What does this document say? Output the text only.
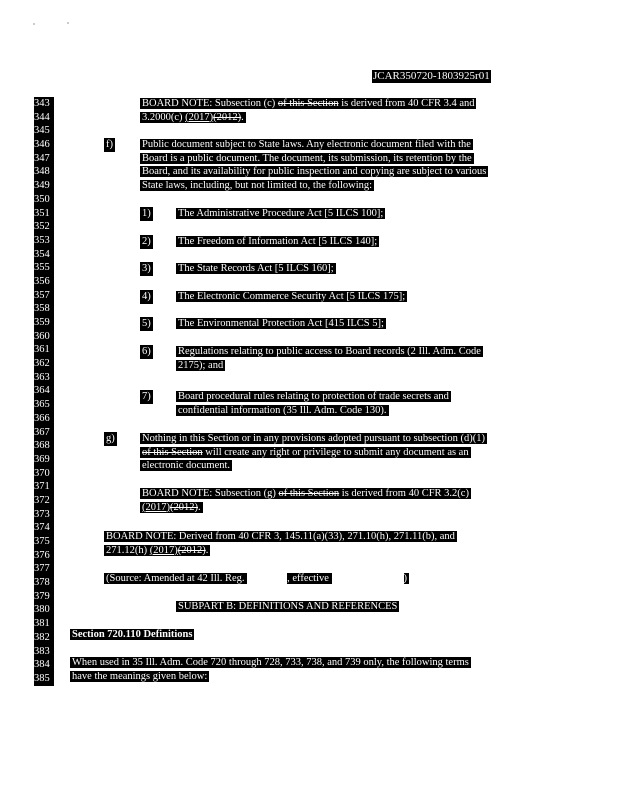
JCAR350720-1803925r01
343
344
345
346
347
348
349
350
351
352
353
354
355
356
357
358
359
360
361
362
363
364
365
366
367
368
369
370
371
372
373
374
375
376
377
378
379
380
381
382
383
384
385
BOARD NOTE: Subsection (c) of this Section is derived from 40 CFR 3.4 and
3.2000(c) (2017)(2012).
f)	Public document subject to State laws. Any electronic document filed with the
Board is a public document. The document, its submission, its retention by the
Board, and its availability for public inspection and copying are subject to various
State laws, including, but not limited to, the following:
1)	The Administrative Procedure Act [5 ILCS 100];
2)	The Freedom of Information Act [5 ILCS 140];
3)	The State Records Act [5 ILCS 160];
4)	The Electronic Commerce Security Act [5 ILCS 175];
5)	The Environmental Protection Act [415 ILCS 5];
6)	Regulations relating to public access to Board records (2 Ill. Adm. Code
2175); and
7)	Board procedural rules relating to protection of trade secrets and
confidential information (35 Ill. Adm. Code 130).
g)	Nothing in this Section or in any provisions adopted pursuant to subsection (d)(1)
of this Section will create any right or privilege to submit any document as an
electronic document.
BOARD NOTE: Subsection (g) of this Section is derived from 40 CFR 3.2(c)
(2017)(2012).
BOARD NOTE: Derived from 40 CFR 3, 145.11(a)(33), 271.10(h), 271.11(b), and
271.12(h) (2017)(2012).
(Source: Amended at 42 Ill. Reg.	, effective	)
SUBPART B: DEFINITIONS AND REFERENCES
Section 720.110 Definitions
When used in 35 Ill. Adm. Code 720 through 728, 733, 738, and 739 only, the following terms
have the meanings given below:
